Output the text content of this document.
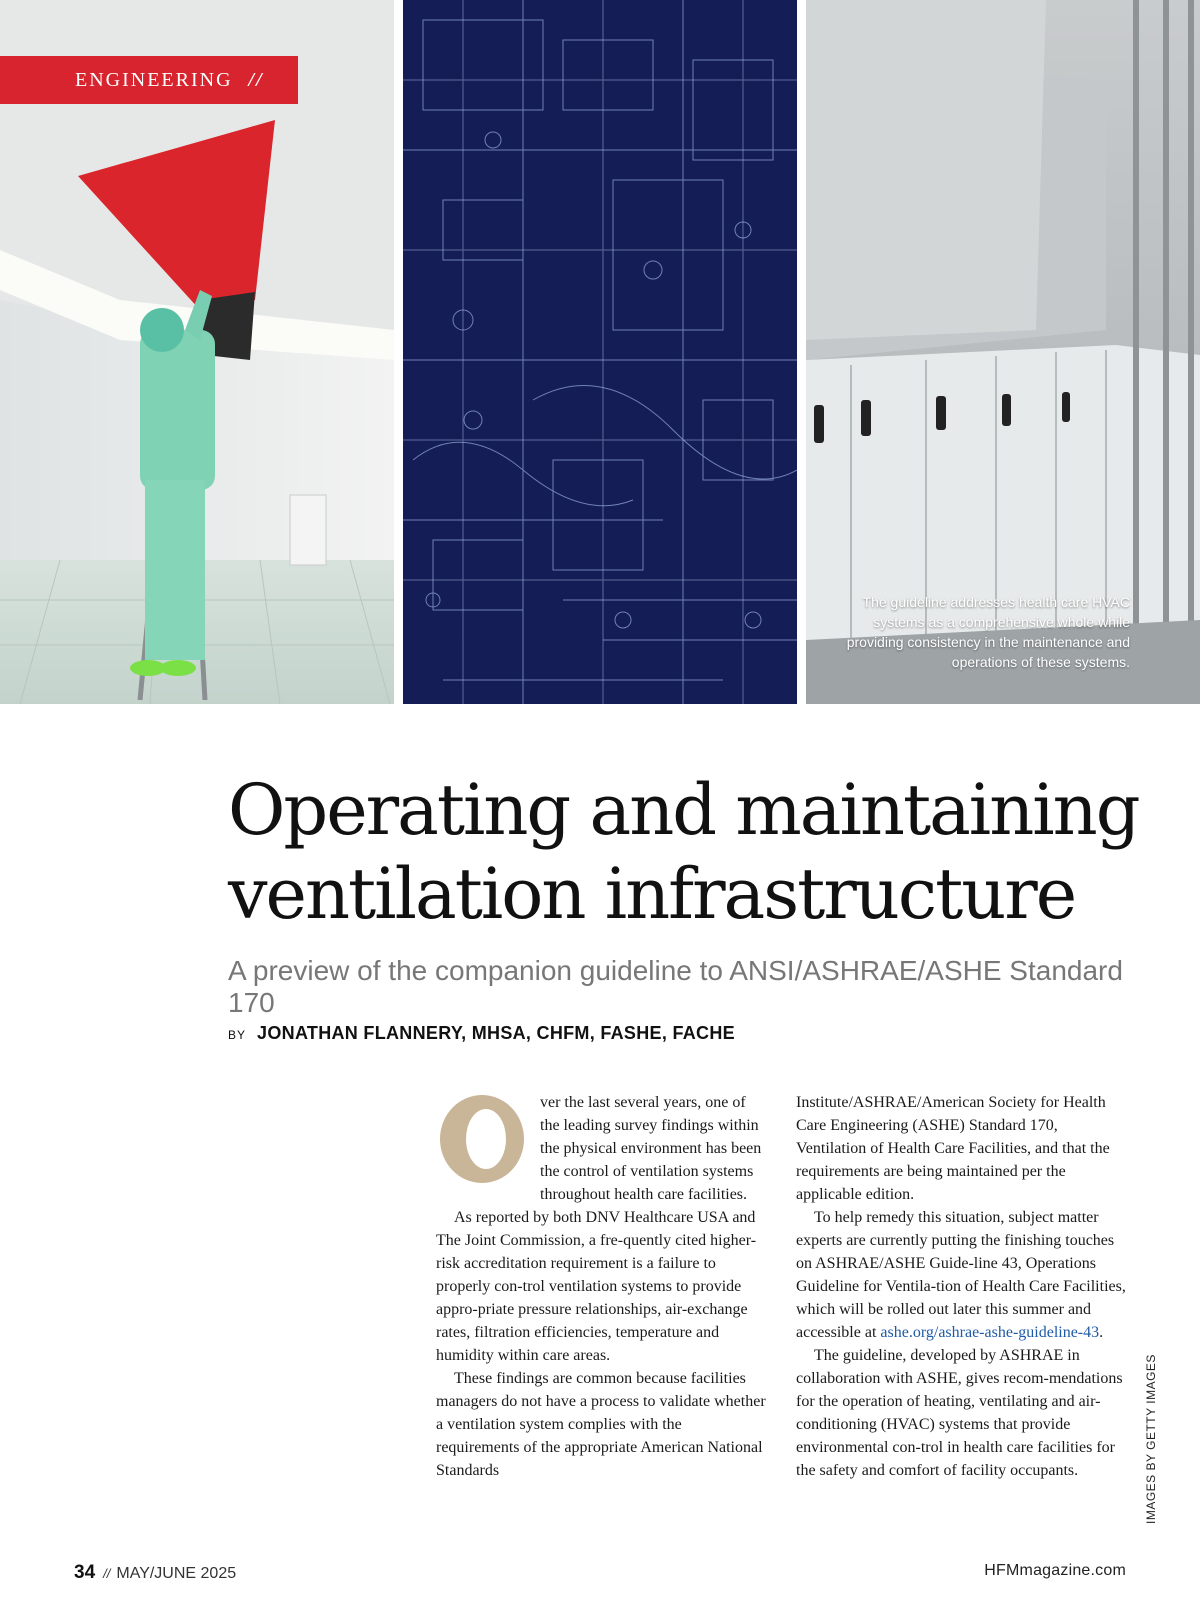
ENGINEERING //
The guideline addresses health care HVAC systems as a comprehensive whole while providing consistency in the maintenance and operations of these systems.
Operating and maintaining
ventilation infrastructure
A preview of the companion guideline to ANSI/ASHRAE/ASHE Standard 170
BY JONATHAN FLANNERY, MHSA, CHFM, FASHE, FACHE

ver the last several years, one of the leading survey findings within the physical environment has been the control of ventilation systems throughout health care facilities.

As reported by both DNV Healthcare USA and The Joint Commission, a fre-quently cited higher-risk accreditation requirement is a failure to properly con-trol ventilation systems to provide appro-priate pressure relationships, air-exchange rates, filtration efficiencies, temperature and humidity within care areas.

These findings are common because facilities managers do not have a process to validate whether a ventilation system complies with the requirements of the appropriate American National Standards

Institute/ASHRAE/American Society for Health Care Engineering (ASHE) Standard 170, Ventilation of Health Care Facilities, and that the requirements are being maintained per the applicable edition.

To help remedy this situation, subject matter experts are currently putting the finishing touches on ASHRAE/ASHE Guide-line 43, Operations Guideline for Ventila-tion of Health Care Facilities, which will be rolled out later this summer and accessible at ashe.org/ashrae-ashe-guideline-43.

The guideline, developed by ASHRAE in collaboration with ASHE, gives recom-mendations for the operation of heating, ventilating and air-conditioning (HVAC) systems that provide environmental con-trol in health care facilities for the safety and comfort of facility occupants.	IMAGES BY GETTY IMAGES
34 // MAY/JUNE 2025	HFMmagazine.com
